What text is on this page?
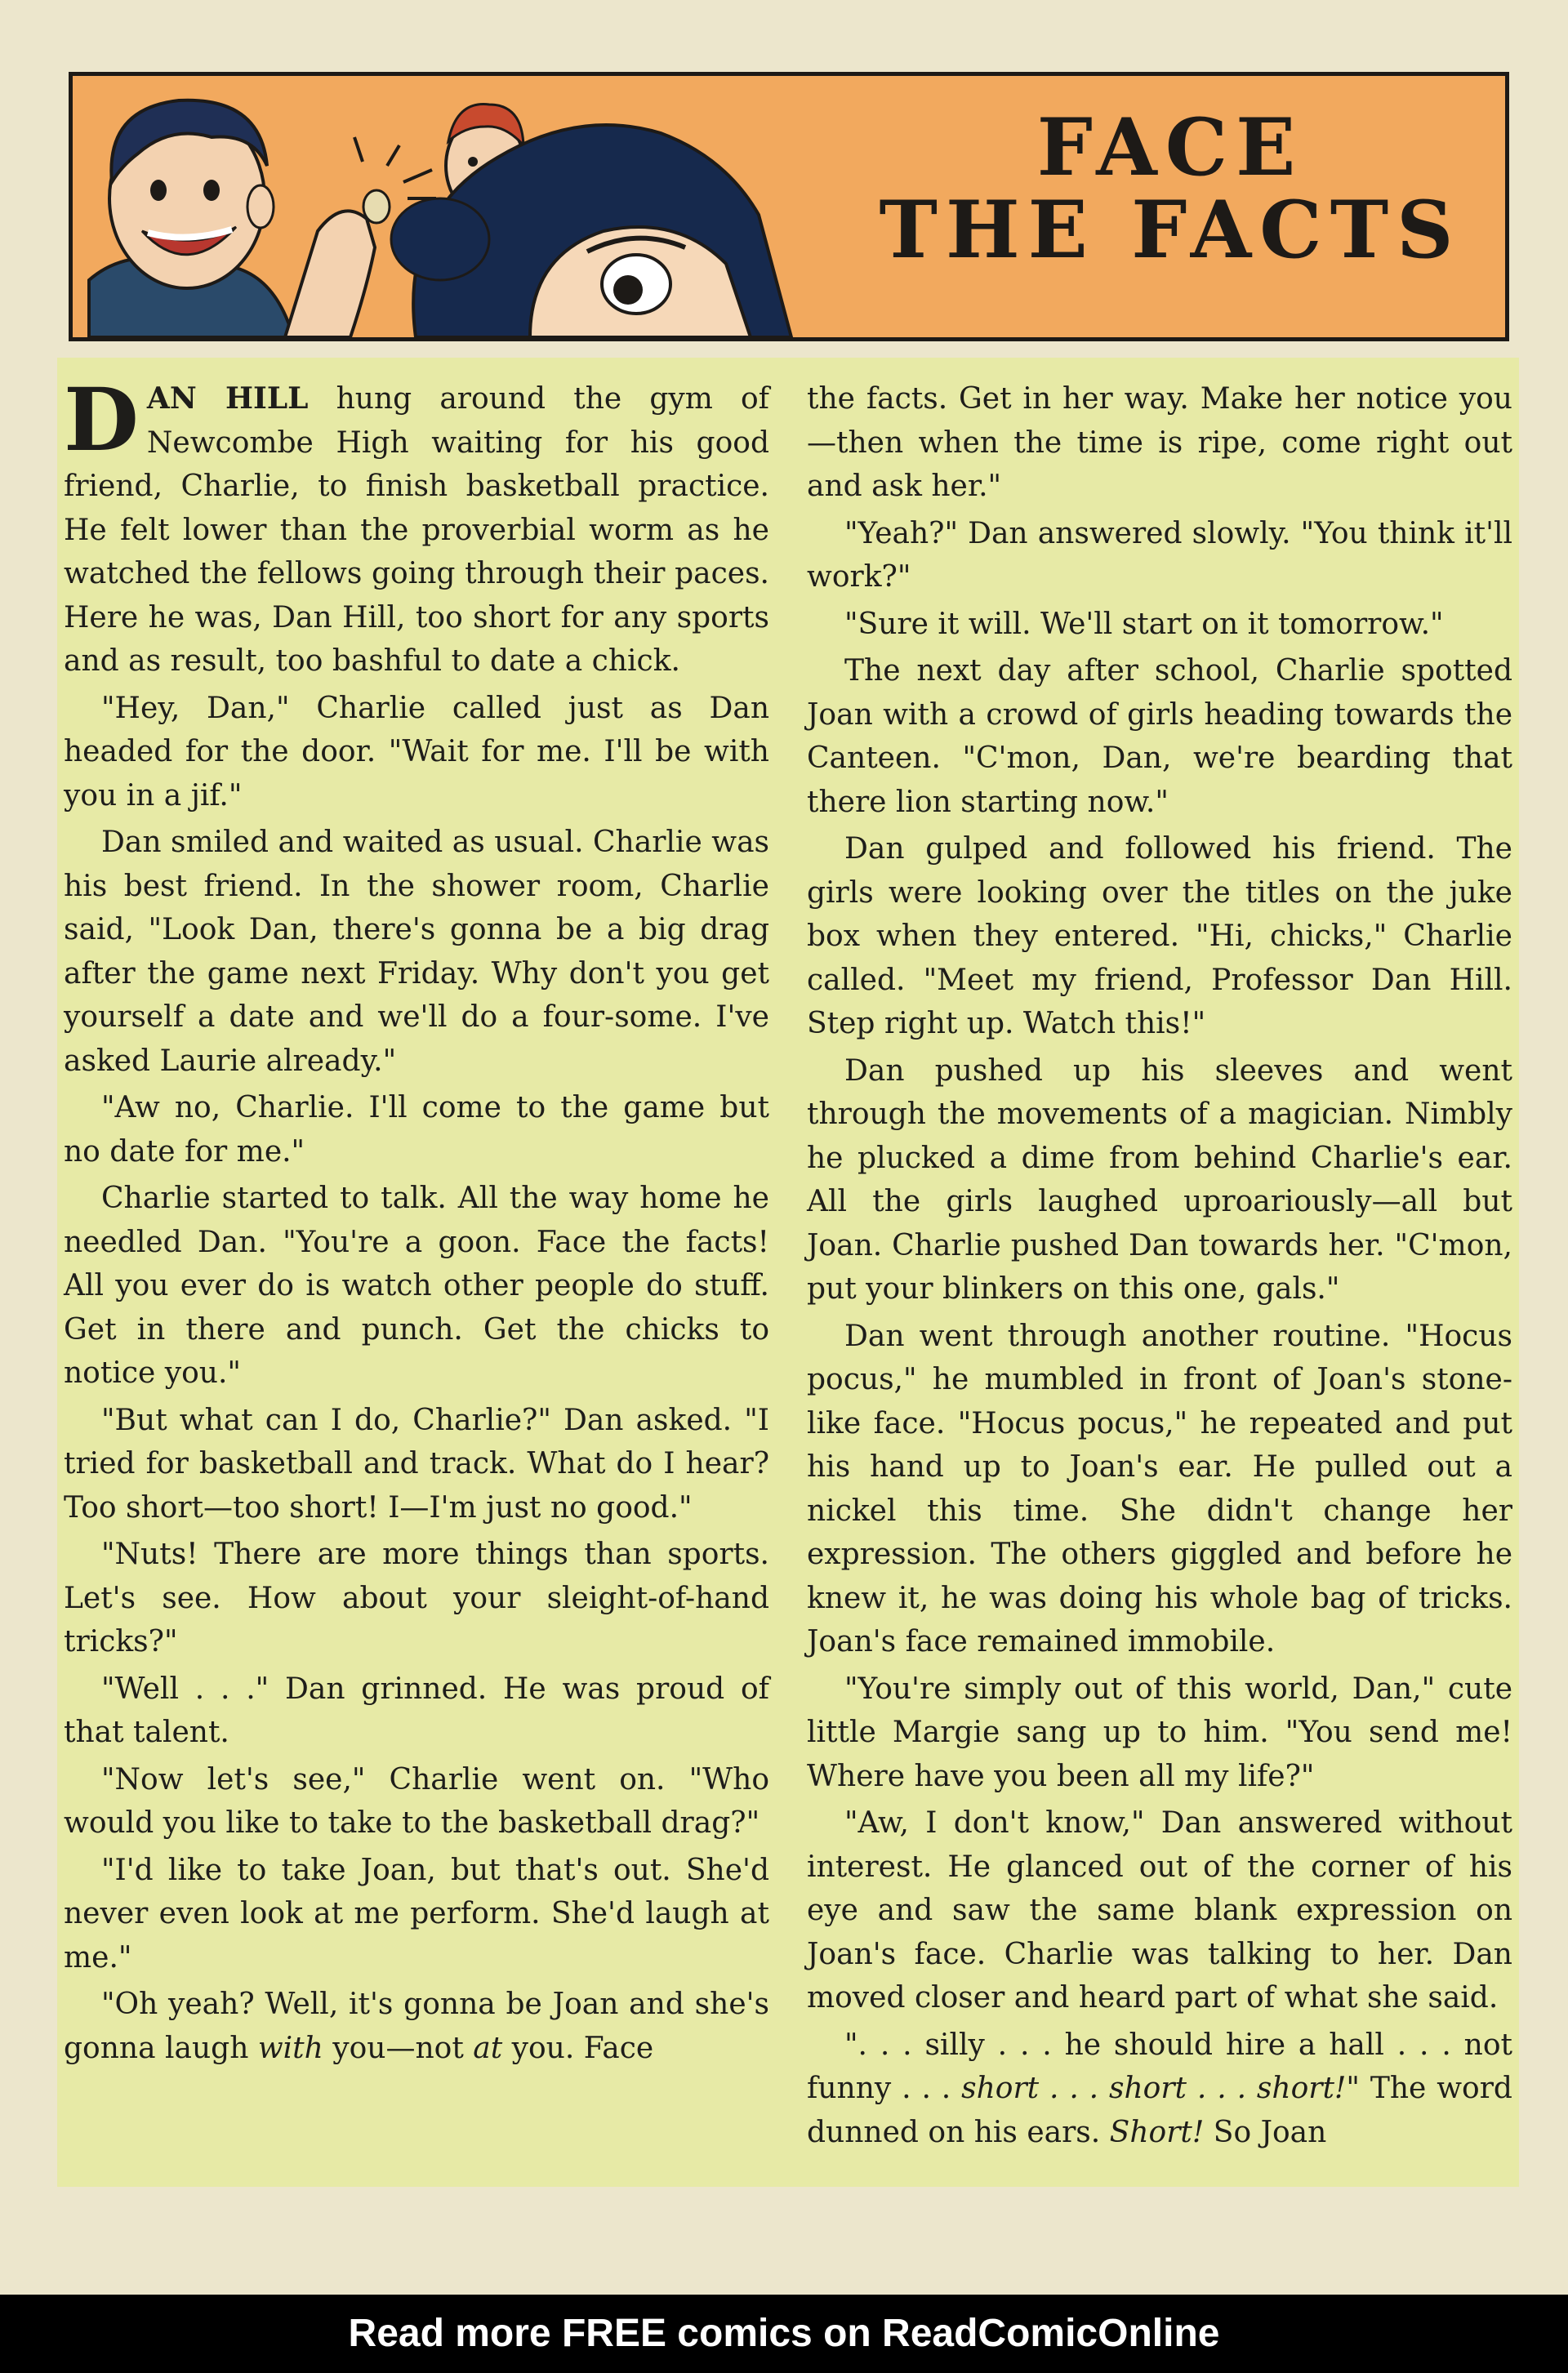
FACE
THE FACTS

DAN HILL hung around the gym of Newcombe High waiting for his good friend, Charlie, to finish basketball practice. He felt lower than the proverbial worm as he watched the fellows going through their paces. Here he was, Dan Hill, too short for any sports and as result, too bashful to date a chick.

"Hey, Dan," Charlie called just as Dan headed for the door. "Wait for me. I'll be with you in a jif."

Dan smiled and waited as usual. Charlie was his best friend. In the shower room, Charlie said, "Look Dan, there's gonna be a big drag after the game next Friday. Why don't you get yourself a date and we'll do a four-some. I've asked Laurie already."

"Aw no, Charlie. I'll come to the game but no date for me."

Charlie started to talk. All the way home he needled Dan. "You're a goon. Face the facts! All you ever do is watch other people do stuff. Get in there and punch. Get the chicks to notice you."

"But what can I do, Charlie?" Dan asked. "I tried for basketball and track. What do I hear? Too short—too short! I—I'm just no good."

"Nuts! There are more things than sports. Let's see. How about your sleight-of-hand tricks?"

"Well . . ." Dan grinned. He was proud of that talent.

"Now let's see," Charlie went on. "Who would you like to take to the basketball drag?"

"I'd like to take Joan, but that's out. She'd never even look at me perform. She'd laugh at me."

"Oh yeah? Well, it's gonna be Joan and she's gonna laugh with you—not at you. Face

the facts. Get in her way. Make her notice you—then when the time is ripe, come right out and ask her."

"Yeah?" Dan answered slowly. "You think it'll work?"

"Sure it will. We'll start on it tomorrow."

The next day after school, Charlie spotted Joan with a crowd of girls heading towards the Canteen. "C'mon, Dan, we're bearding that there lion starting now."

Dan gulped and followed his friend. The girls were looking over the titles on the juke box when they entered. "Hi, chicks," Charlie called. "Meet my friend, Professor Dan Hill. Step right up. Watch this!"

Dan pushed up his sleeves and went through the movements of a magician. Nimbly he plucked a dime from behind Charlie's ear. All the girls laughed uproariously—all but Joan. Charlie pushed Dan towards her. "C'mon, put your blinkers on this one, gals."

Dan went through another routine. "Hocus pocus," he mumbled in front of Joan's stone-like face. "Hocus pocus," he repeated and put his hand up to Joan's ear. He pulled out a nickel this time. She didn't change her expression. The others giggled and before he knew it, he was doing his whole bag of tricks. Joan's face remained immobile.

"You're simply out of this world, Dan," cute little Margie sang up to him. "You send me! Where have you been all my life?"

"Aw, I don't know," Dan answered without interest. He glanced out of the corner of his eye and saw the same blank expression on Joan's face. Charlie was talking to her. Dan moved closer and heard part of what she said.

". . . silly . . . he should hire a hall . . . not funny . . . short . . . short . . . short!" The word dunned on his ears. Short! So Joan

Read more FREE comics on ReadComicOnline
